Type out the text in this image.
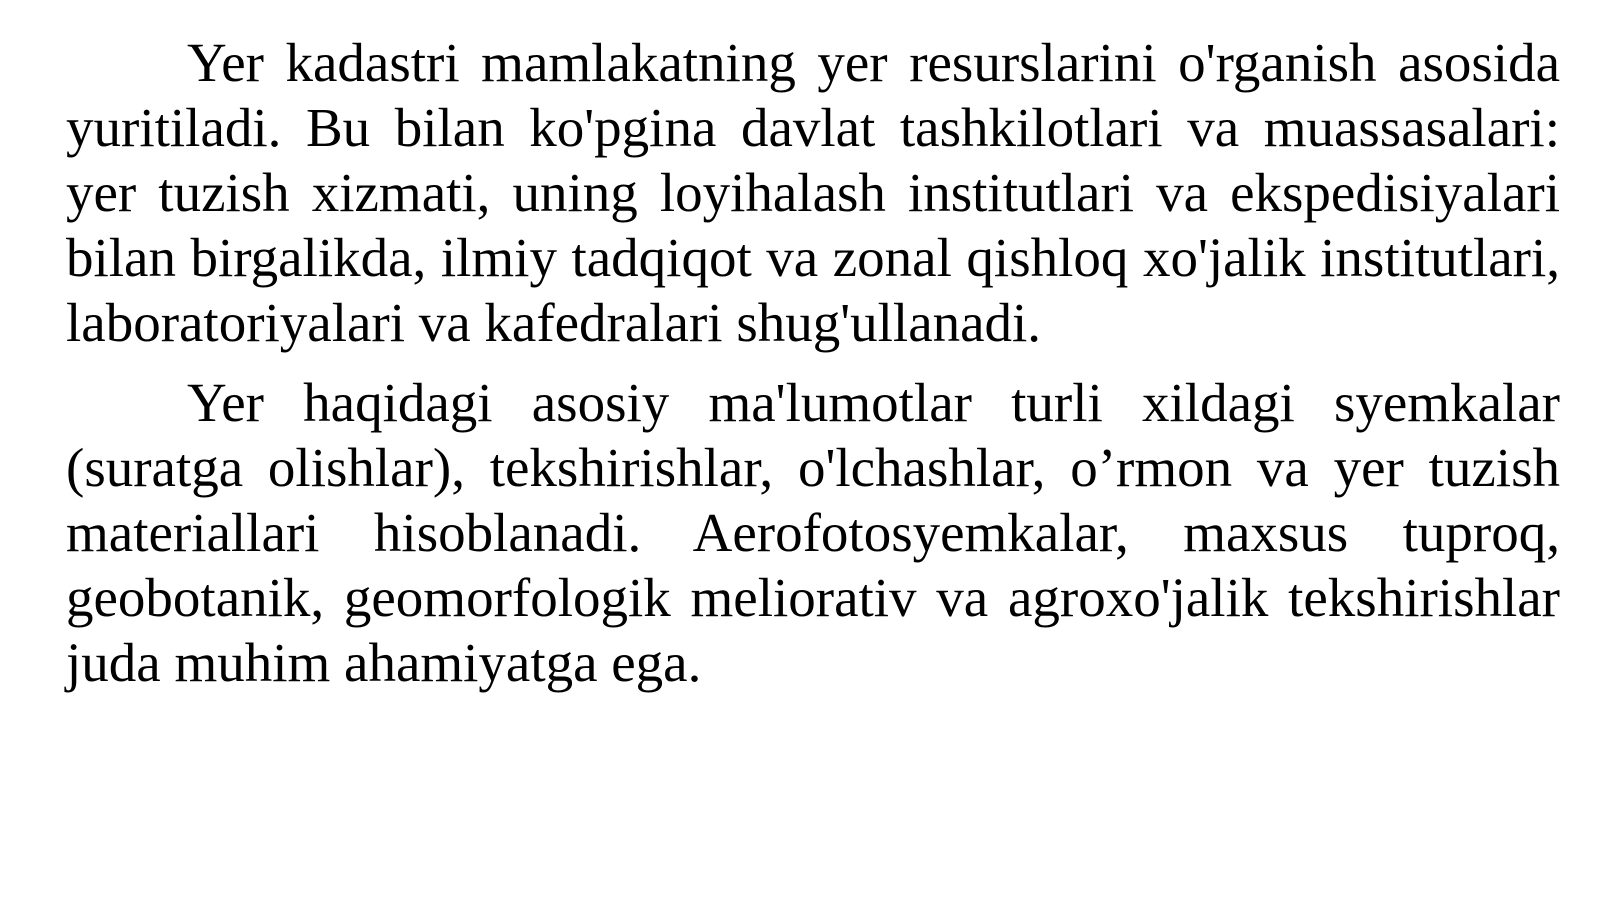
Yer kadastri mamlakatning yer resurslarini o'rganish asosida yuritiladi. Bu bilan ko'pgina davlat tashkilotlari va muassasalari: yer tuzish xizmati, uning loyihalash institutlari va ekspedisiyalari bilan birgalikda, ilmiy tadqiqot va zonal qishloq xo'jalik institutlari, laboratoriyalari va kafedralari shug'ullanadi.

Yer haqidagi asosiy ma'lumotlar turli xildagi syemkalar (suratga olishlar), tekshirishlar, o'lchashlar, o’rmon va yer tuzish materiallari hisoblanadi. Aerofotosyemkalar, maxsus tuproq, geobotanik, geomorfologik meliorativ va agroxo'jalik tekshirishlar juda muhim ahamiyatga ega.
